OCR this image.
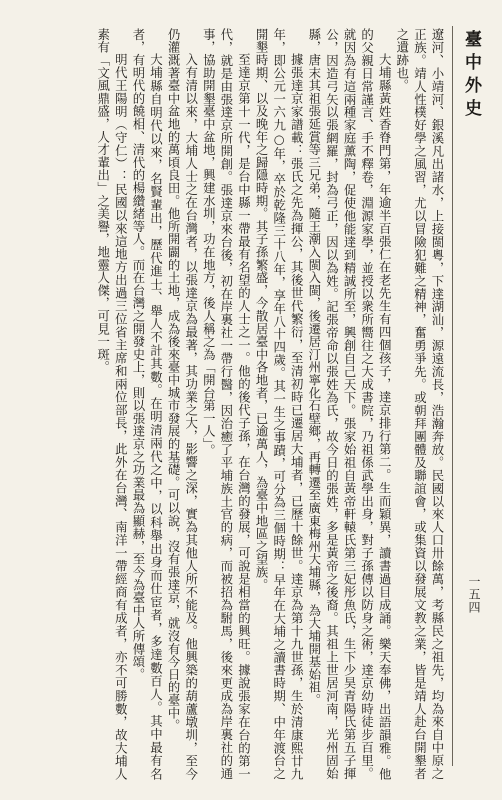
臺中外史
一五四

遼河、小靖河、銀溪凡出諸水，上接閩粵，下達湖汕，源遠流長，浩瀚奔放。民國以來人口卅餘萬，考縣民之祖先，均為來自中原之正族。靖人性樸好學之風習，尤以冒險犯難之精神，奮勇爭先。或朝拜團體及聯誼會，或集資以發展文教之業，皆是靖人赴台開墾者之遺跡也。

大埔縣黃姓香脊門第，年逾半百張仁在老先生有四個孩子，達京排行第二。生而穎異，讀書過目成誦。樂天奉佛，出語韻雅。他的父親日常謹言、手不釋卷，淵源家學，並授以衆所嚮往之大成書院，乃祖係武學出身，對子孫傳以防身之術，達京幼時徒步百里。就因為有這兩種家庭薰陶，促使他能達到精誠所至，興創自己天下。張家始祖自黃帝軒轅氏第三妃彤魚氏，生下少昊青陽氏第五子揮公，因造弓矢以張網羅，封為弓正，因以為姓。記張帝命以張姓為氏，故今日的張姓，多是黃帝之後裔。其祖上世居河南，光州固始縣，唐末其祖張延賞等三兄弟，隨王潮入閩入閩，後遷居汀州寧化石壁鄉，再轉遷至廣東梅州大埔縣，為大埔開基始祖。

據張達京家譜載：張氏之先為揮公，其後世代繁衍，至清初時已遷居大埔者，已歷十餘世。達京為第十九世孫，生於清康熙廿九年，即公元一六九○年，卒於乾隆三十八年，享年八十四歲。其一生之事蹟，可分為三個時期：早年在大埔之讀書時期、中年渡台之開墾時期、以及晚年之歸隱時期。其子孫繁盛，今散居臺中各地者，已逾萬人，為臺中地區之望族。

至達京第十一代，是台中縣一帶最有名望的人士之一。他的後代子孫，在台灣的發展，可說是相當的興旺。據說張家在台的第一代，就是由張達京所開創。張達京來台後，初在岸裏社一帶行醫，因治癒了平埔族土官的病，而被招為駙馬，後來更成為岸裏社的通事，協助開墾臺中盆地，興建水圳，功在地方，後人稱之為「開台第一人」。

入有清以來，大埔人士之在台灣者，以張達京為最著，其功業之大，影響之深，實為其他人所不能及。他興築的葫蘆墩圳，至今仍灌溉著臺中盆地的萬頃良田。他所開闢的土地，成為後來臺中城市發展的基礎。可以說，沒有張達京，就沒有今日的臺中。

大埔縣自明代以來，名賢輩出，歷代進士、舉人不計其數。在明清兩代之中，以科舉出身而仕宦者，多達數百人。其中最有名者，有明代的饒相、清代的楊纘緒等人。而在台灣之開發史上，則以張達京之功業最為顯赫，至今為臺中人所傳頌。

明代王陽明（守仁）：民國以來這地方出過三位省主席和兩位部長，此外在台灣、南洋一帶經商有成者，亦不可勝數，故大埔人素有「文風鼎盛，人才輩出」之美譽，地靈人傑，可見一斑。
